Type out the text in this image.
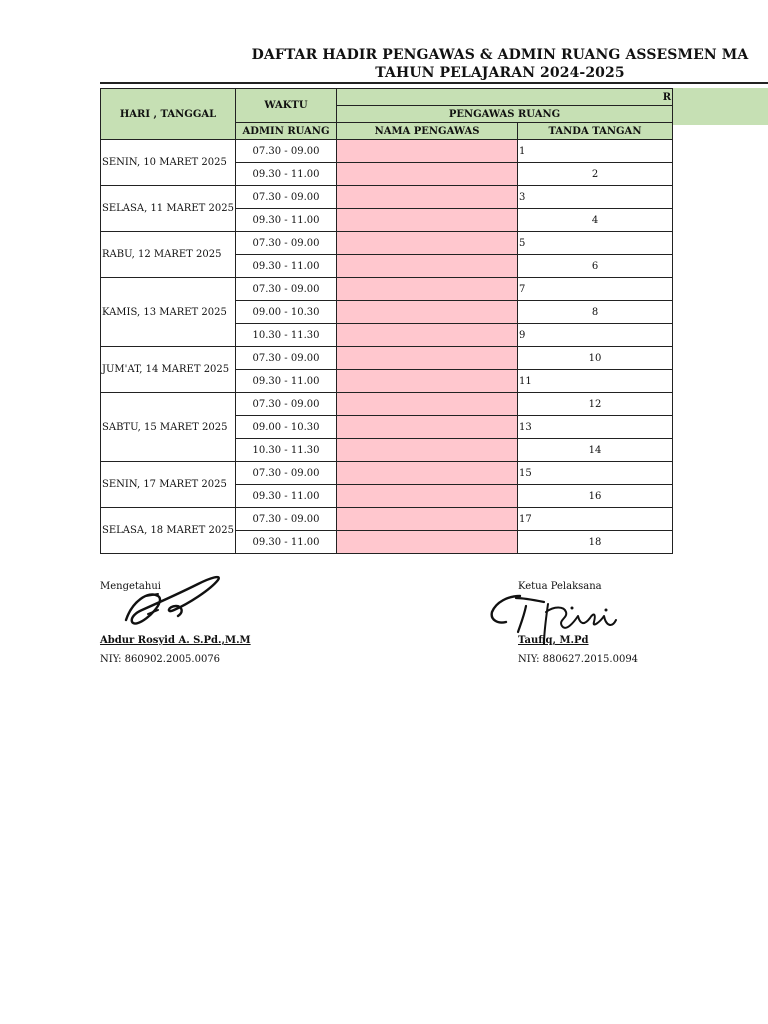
DAFTAR HADIR PENGAWAS & ADMIN RUANG ASSESMEN MA
TAHUN PELAJARAN 2024-2025
HARI , TANGGAL	WAKTU	R	
		PENGAWAS RUANG	
	ADMIN RUANG	NAMA PENGAWAS	TANDA TANGAN
SENIN, 10 MARET 2025	07.30 - 09.00		1
	09.30 - 11.00		2
SELASA, 11 MARET 2025	07.30 - 09.00		3
	09.30 - 11.00		4
RABU, 12 MARET 2025	07.30 - 09.00		5
	09.30 - 11.00		6
KAMIS, 13 MARET 2025	07.30 - 09.00		7
	09.00 - 10.30		8
	10.30 - 11.30		9
JUM'AT, 14 MARET 2025	07.30 - 09.00		10
	09.30 - 11.00		11
SABTU, 15 MARET 2025	07.30 - 09.00		12
	09.00 - 10.30		13
	10.30 - 11.30		14
SENIN, 17 MARET 2025	07.30 - 09.00		15
	09.30 - 11.00		16
SELASA, 18 MARET 2025	07.30 - 09.00		17
	09.30 - 11.00		18
Mengetahui
Abdur Rosyid A. S.Pd.,M.M
NIY: 860902.2005.0076
Ketua Pelaksana
Taufiq, M.Pd
NIY: 880627.2015.0094
